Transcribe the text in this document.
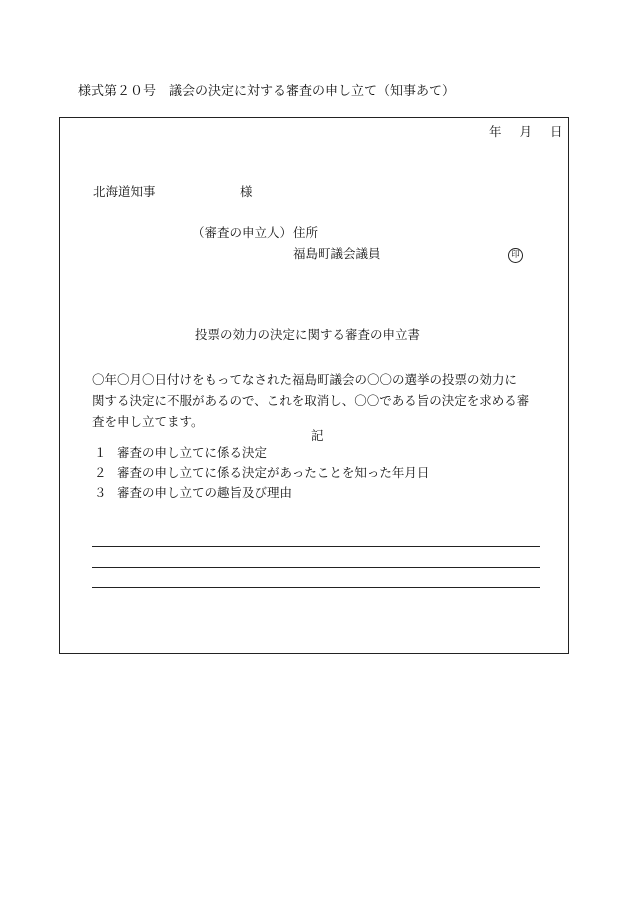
様式第２０号　議会の決定に対する審査の申し立て（知事あて）
年 月 日
北海道知事	様
（審査の申立人） 住所
福島町議会議員	印
投票の効力の決定に関する審査の申立書
〇年〇月〇日付けをもってなされた福島町議会の〇〇の選挙の投票の効力に
関する決定に不服があるので、これを取消し、〇〇である旨の決定を求める審
査を申し立てます。
記
１ 審査の申し立てに係る決定
２ 審査の申し立てに係る決定があったことを知った年月日
３ 審査の申し立ての趣旨及び理由
